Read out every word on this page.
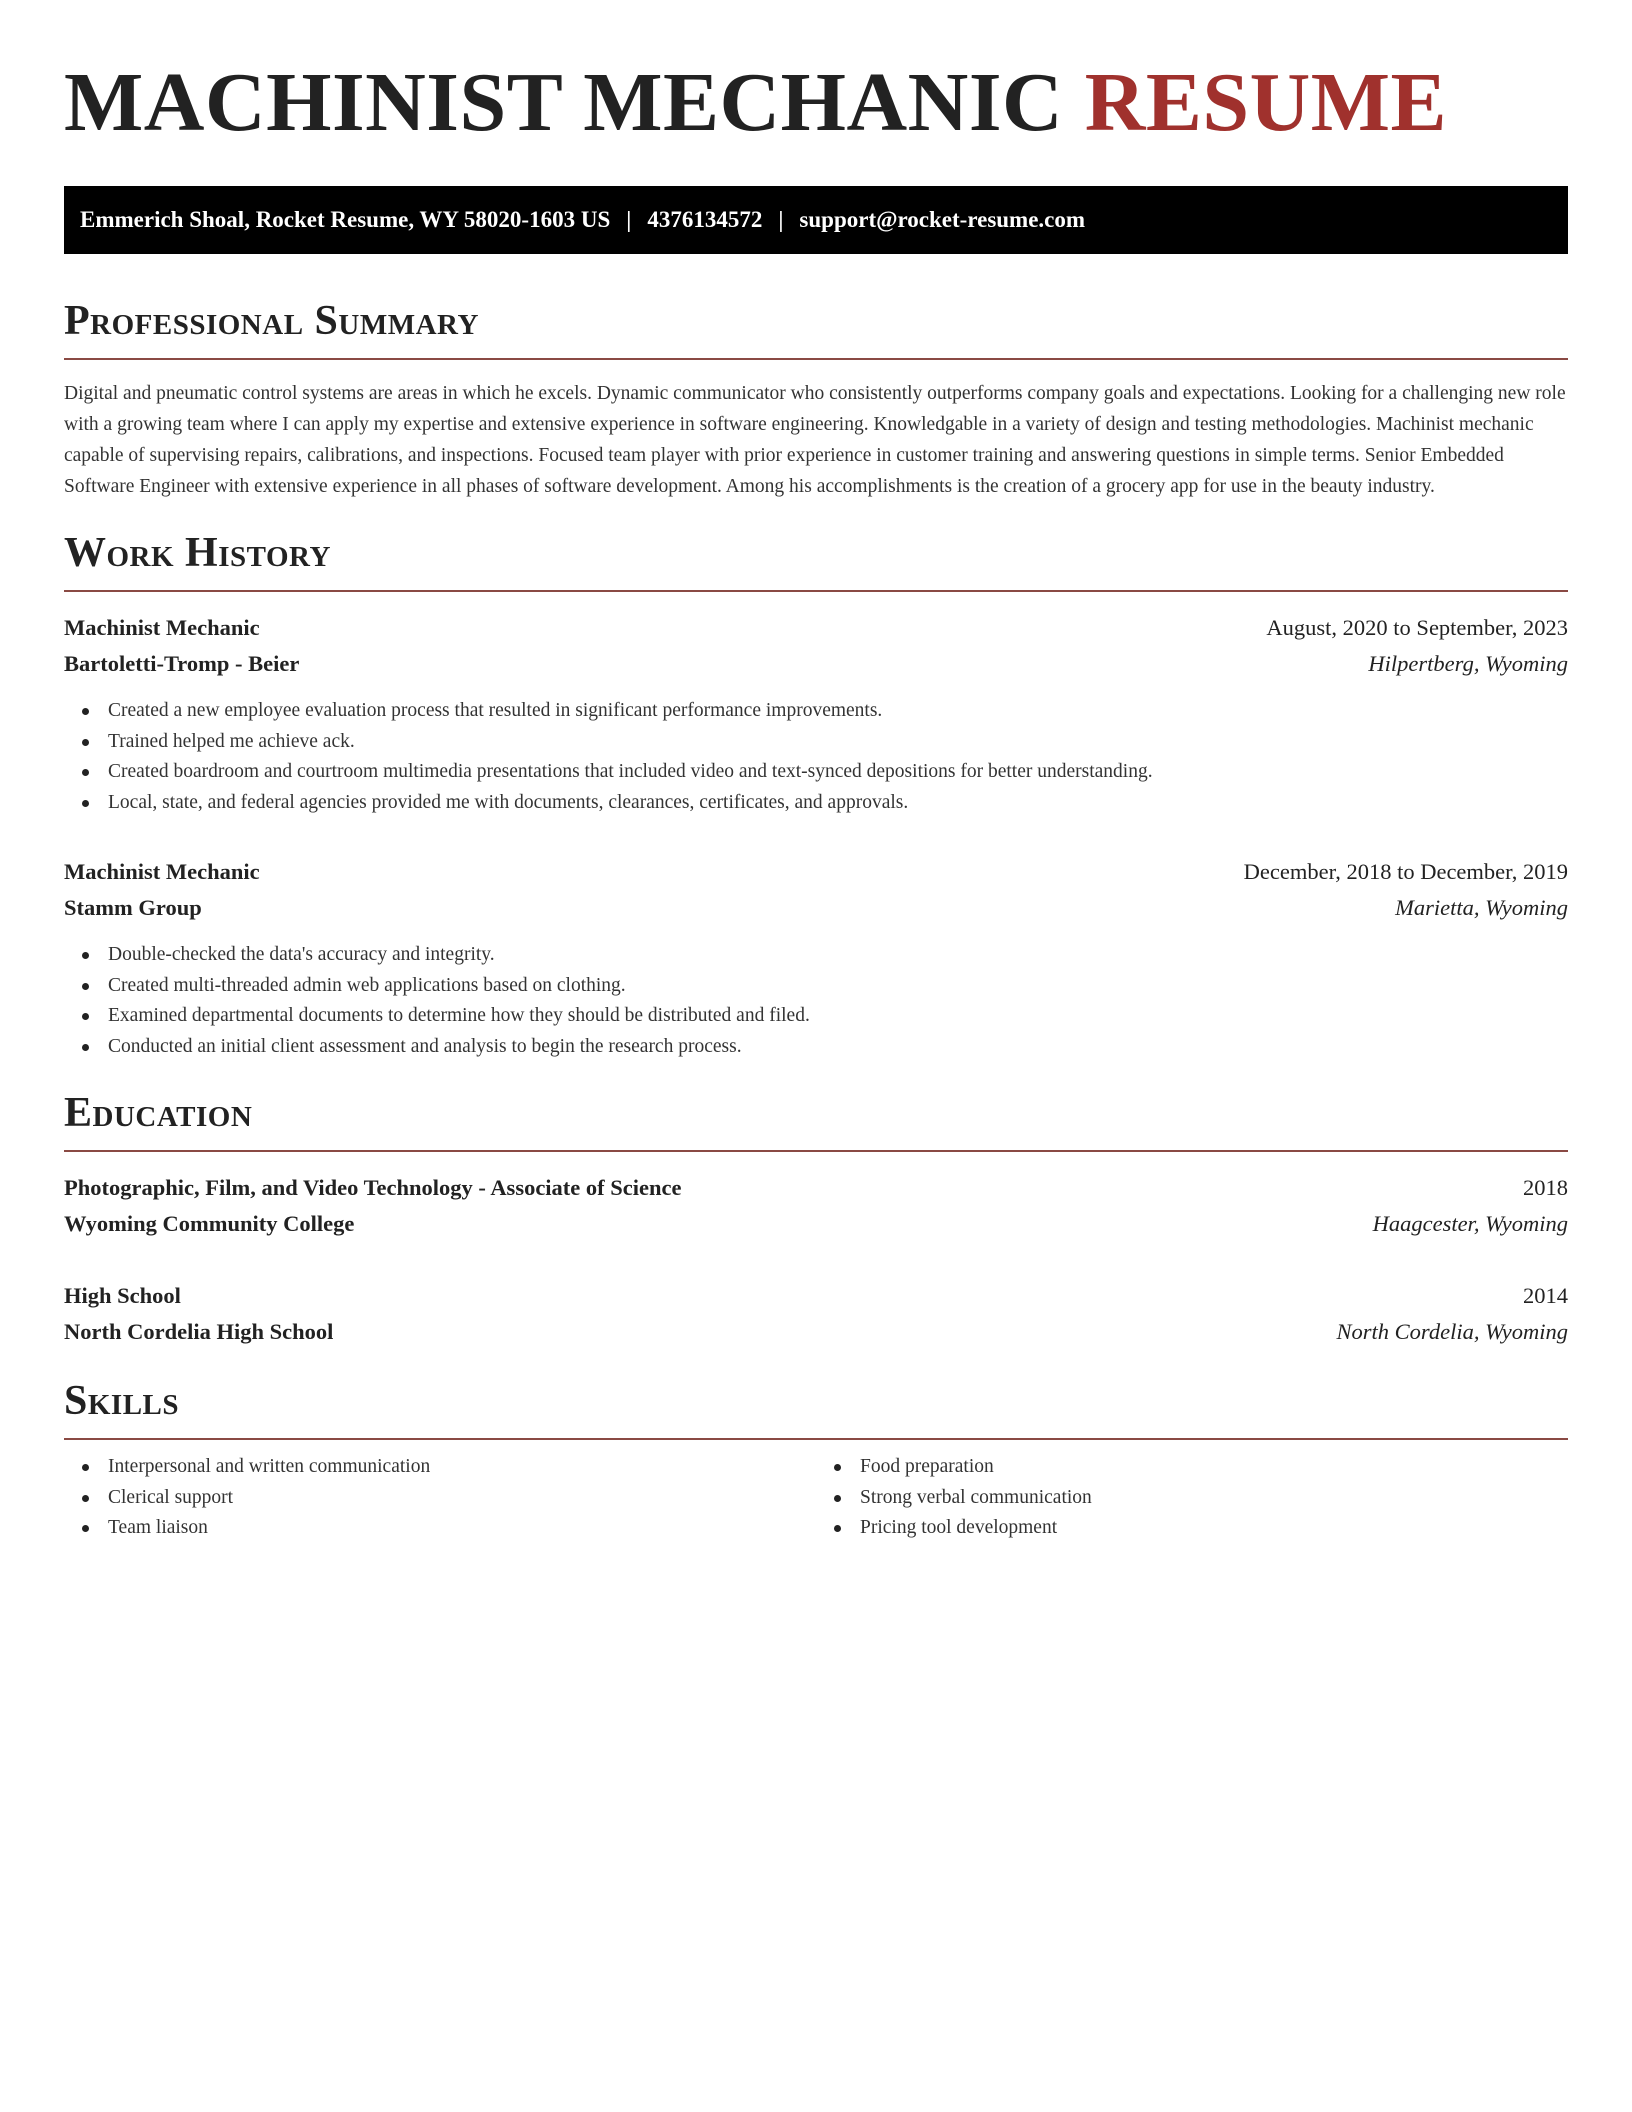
MACHINIST MECHANIC RESUME
Emmerich Shoal, Rocket Resume, WY 58020-1603 US | 4376134572 | support@rocket-resume.com
Professional Summary

Digital and pneumatic control systems are areas in which he excels. Dynamic communicator who consistently outperforms company goals and expectations. Looking for a challenging new role with a growing team where I can apply my expertise and extensive experience in software engineering. Knowledgable in a variety of design and testing methodologies. Machinist mechanic capable of supervising repairs, calibrations, and inspections. Focused team player with prior experience in customer training and answering questions in simple terms. Senior Embedded Software Engineer with extensive experience in all phases of software development. Among his accomplishments is the creation of a grocery app for use in the beauty industry.

Work History
Machinist Mechanic	August, 2020 to September, 2023
Bartoletti-Tromp - Beier	Hilpertberg, Wyoming
Created a new employee evaluation process that resulted in significant performance improvements.
Trained helped me achieve ack.
Created boardroom and courtroom multimedia presentations that included video and text-synced depositions for better understanding.
Local, state, and federal agencies provided me with documents, clearances, certificates, and approvals.
Machinist Mechanic	December, 2018 to December, 2019
Stamm Group	Marietta, Wyoming
Double-checked the data's accuracy and integrity.
Created multi-threaded admin web applications based on clothing.
Examined departmental documents to determine how they should be distributed and filed.
Conducted an initial client assessment and analysis to begin the research process.
Education
Photographic, Film, and Video Technology - Associate of Science	2018
Wyoming Community College	Haagcester, Wyoming
High School	2014
North Cordelia High School	North Cordelia, Wyoming
Skills
Interpersonal and written communication
Clerical support
Team liaison
Food preparation
Strong verbal communication
Pricing tool development
